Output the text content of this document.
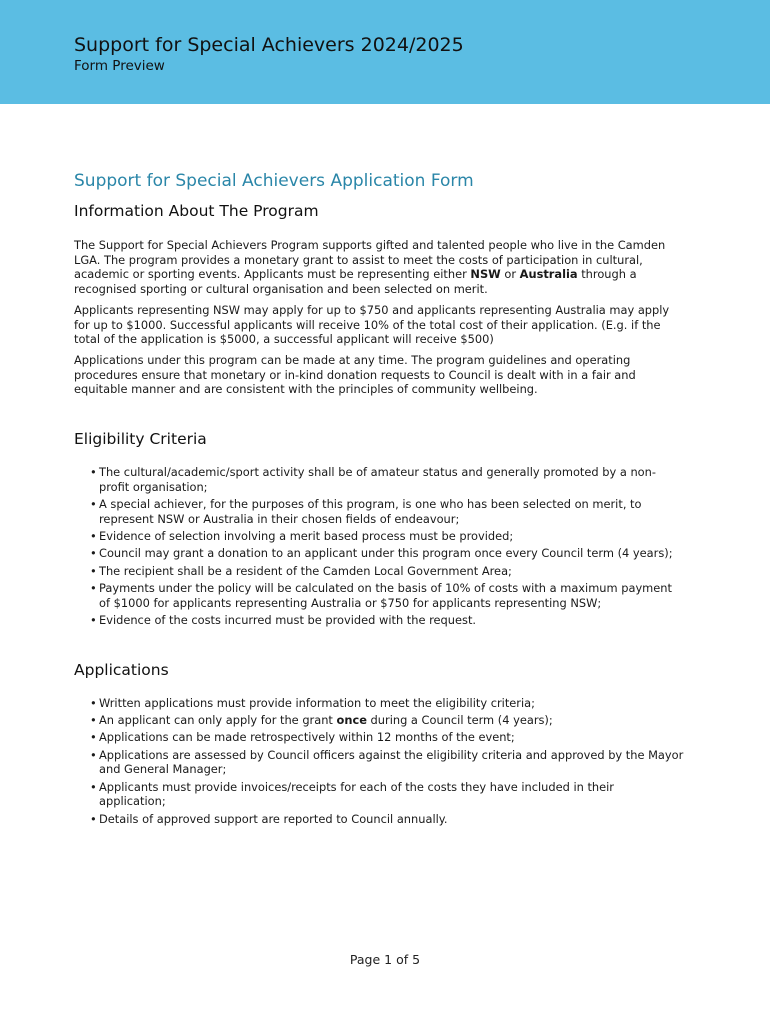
Support for Special Achievers 2024/2025
Form Preview
Support for Special Achievers Application Form
Information About The Program
The Support for Special Achievers Program supports gifted and talented people who live in the Camden LGA. The program provides a monetary grant to assist to meet the costs of participation in cultural, academic or sporting events. Applicants must be representing either NSW or Australia through a recognised sporting or cultural organisation and been selected on merit.
Applicants representing NSW may apply for up to $750 and applicants representing Australia may apply for up to $1000. Successful applicants will receive 10% of the total cost of their application. (E.g. if the total of the application is $5000, a successful applicant will receive $500)
Applications under this program can be made at any time. The program guidelines and operating procedures ensure that monetary or in-kind donation requests to Council is dealt with in a fair and equitable manner and are consistent with the principles of community wellbeing.
Eligibility Criteria
• The cultural/academic/sport activity shall be of amateur status and generally promoted by a non-profit organisation;
• A special achiever, for the purposes of this program, is one who has been selected on merit, to represent NSW or Australia in their chosen fields of endeavour;
• Evidence of selection involving a merit based process must be provided;
• Council may grant a donation to an applicant under this program once every Council term (4 years);
• The recipient shall be a resident of the Camden Local Government Area;
• Payments under the policy will be calculated on the basis of 10% of costs with a maximum payment of $1000 for applicants representing Australia or $750 for applicants representing NSW;
• Evidence of the costs incurred must be provided with the request.
Applications
• Written applications must provide information to meet the eligibility criteria;
• An applicant can only apply for the grant once during a Council term (4 years);
• Applications can be made retrospectively within 12 months of the event;
• Applications are assessed by Council officers against the eligibility criteria and approved by the Mayor and General Manager;
• Applicants must provide invoices/receipts for each of the costs they have included in their application;
• Details of approved support are reported to Council annually.
Page 1 of 5
